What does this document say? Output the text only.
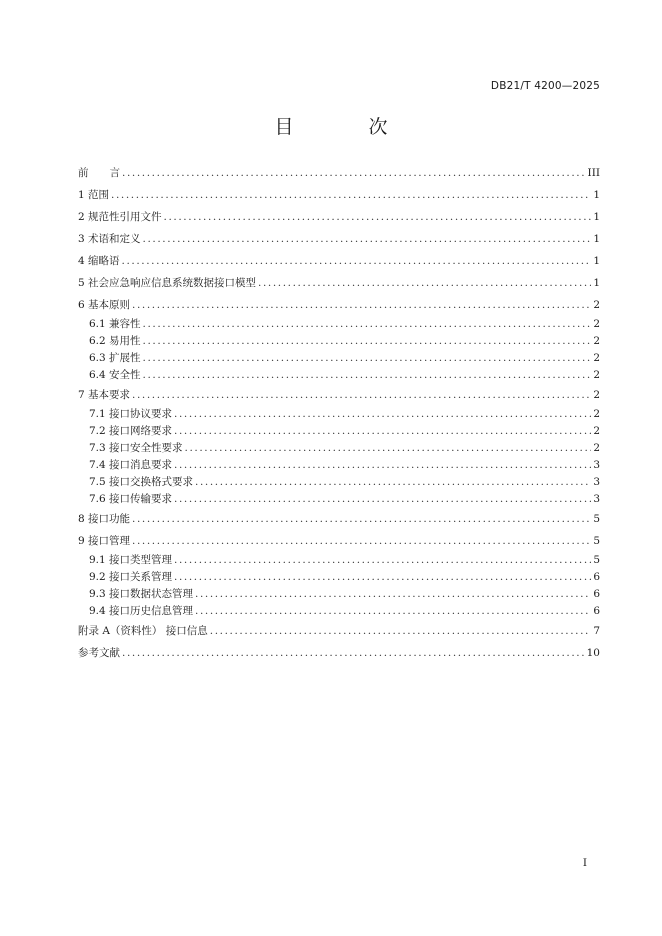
DB21/T 4200—2025
目　次
前　　言 .....	III
1 范围 .....	1
2 规范性引用文件 .....	1
3 术语和定义 .....	1
4 缩略语 .....	1
5 社会应急响应信息系统数据接口模型 .....	1
6 基本原则 .....	2
6.1 兼容性 .....	2
6.2 易用性 .....	2
6.3 扩展性 .....	2
6.4 安全性 .....	2
7 基本要求 .....	2
7.1 接口协议要求 .....	2
7.2 接口网络要求 .....	2
7.3 接口安全性要求 .....	2
7.4 接口消息要求 .....	3
7.5 接口交换格式要求 .....	3
7.6 接口传输要求 .....	3
8 接口功能 .....	5
9 接口管理 .....	5
9.1 接口类型管理 .....	5
9.2 接口关系管理 .....	6
9.3 接口数据状态管理 .....	6
9.4 接口历史信息管理 .....	6
附录 A（资料性） 接口信息 .....	7
参考文献 .....	10
I
